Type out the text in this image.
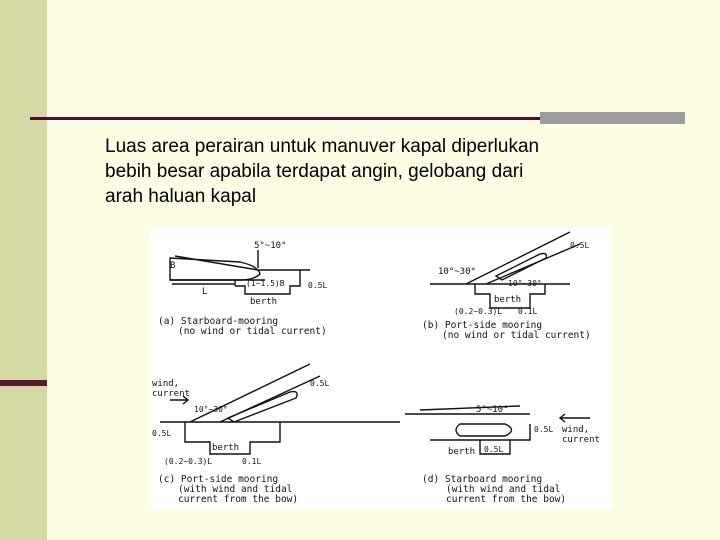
Luas area perairan untuk manuver kapal diperlukan
bebih besar apabila terdapat angin, gelobang dari
arah haluan kapal

5°~10°
B
L
(1~1.5)B	0.5L
berth
(a) Starboard-mooring
(no wind or tidal current)
10°~30°
10°~30°
0.5L
berth
(0.2~0.3)L 0.1L
(b) Port-side mooring
(no wind or tidal current)
wind,
current
10°~30°
0.5L
0.5L
berth
(0.2~0.3)L	0.1L
(c) Port-side mooring
(with wind and tidal
current from the bow)
5°~10°
0.5L wind,
current
berth 0.5L
(d) Starboard mooring
(with wind and tidal
current from the bow)
